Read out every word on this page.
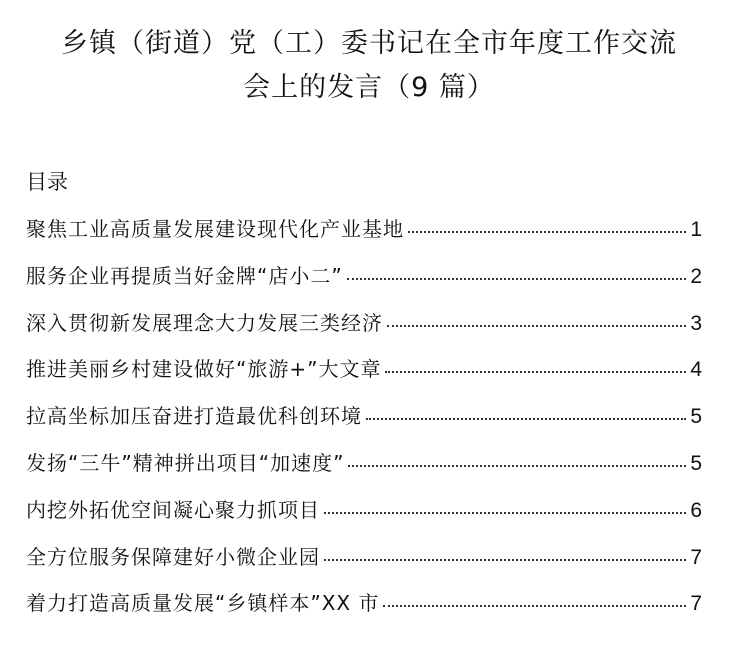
乡镇（街道）党（工）委书记在全市年度工作交流
会上的发言（9 篇）
目录
聚焦工业高质量发展建设现代化产业基地	1
服务企业再提质当好金牌“店小二”	2
深入贯彻新发展理念大力发展三类经济	3
推进美丽乡村建设做好“旅游+”大文章	4
拉高坐标加压奋进打造最优科创环境	5
发扬“三牛”精神拼出项目“加速度”	5
内挖外拓优空间凝心聚力抓项目	6
全方位服务保障建好小微企业园	7
着力打造高质量发展“乡镇样本”XX 市	7
